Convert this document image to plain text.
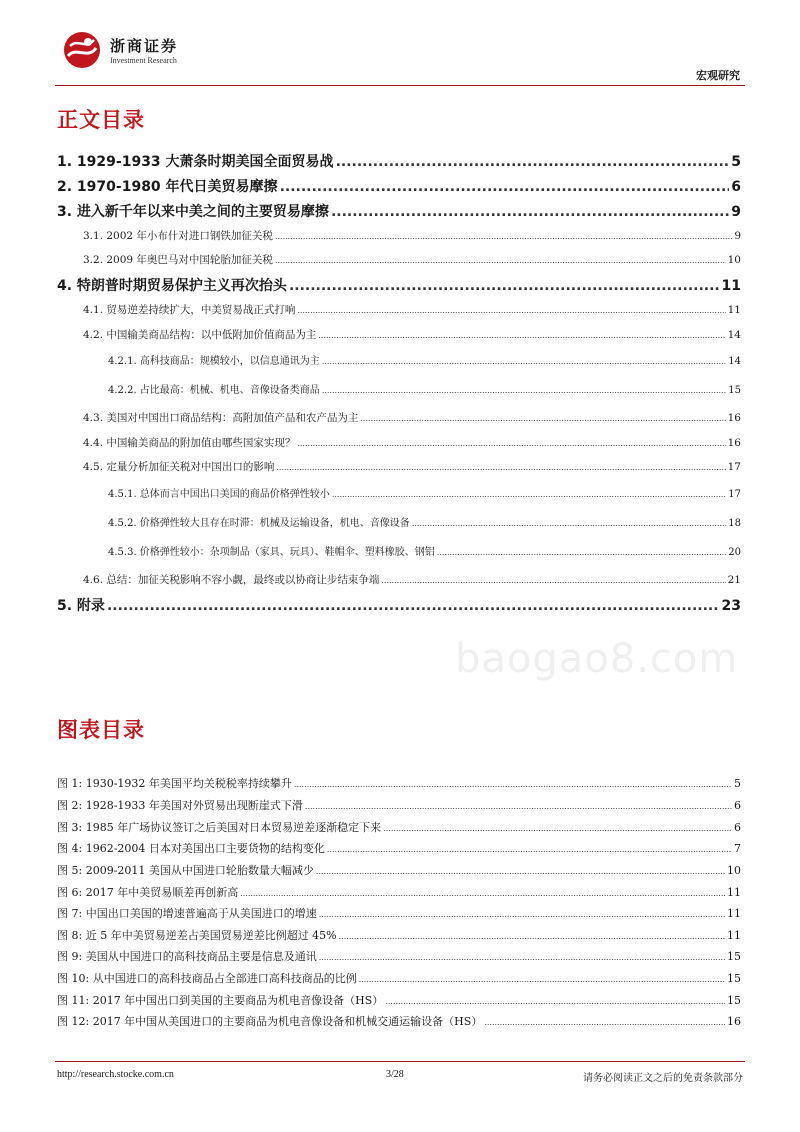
浙商证券
Investment Research
宏观研究
正文目录
1. 1929-1933 大萧条时期美国全面贸易战 .....	5
2. 1970-1980 年代日美贸易摩擦 .....	6
3. 进入新千年以来中美之间的主要贸易摩擦 .....	9
3.1. 2002 年小布什对进口钢铁加征关税 .....	9
3.2. 2009 年奥巴马对中国轮胎加征关税 .....	10
4. 特朗普时期贸易保护主义再次抬头 .....	11
4.1. 贸易逆差持续扩大，中美贸易战正式打响 .....	11
4.2. 中国输美商品结构：以中低附加价值商品为主 .....	14
4.2.1. 高科技商品：规模较小，以信息通讯为主 .....	14
4.2.2. 占比最高：机械、机电、音像设备类商品 .....	15
4.3. 美国对中国出口商品结构：高附加值产品和农产品为主 .....	16
4.4. 中国输美商品的附加值由哪些国家实现？ .....	16
4.5. 定量分析加征关税对中国出口的影响 .....	17
4.5.1. 总体而言中国出口美国的商品价格弹性较小 .....	17
4.5.2. 价格弹性较大且存在时滞：机械及运输设备，机电、音像设备 .....	18
4.5.3. 价格弹性较小：杂项制品（家具、玩具）、鞋帽伞、塑料橡胶、钢铝 .....	20
4.6. 总结：加征关税影响不容小觑，最终或以协商让步结束争端 .....	21
5. 附录 .....	23
baogao8.com
图表目录
图 1: 1930-1932 年美国平均关税税率持续攀升 .....	5
图 2: 1928-1933 年美国对外贸易出现断崖式下滑 .....	6
图 3: 1985 年广场协议签订之后美国对日本贸易逆差逐渐稳定下来 .....	6
图 4: 1962-2004 日本对美国出口主要货物的结构变化 .....	7
图 5: 2009-2011 美国从中国进口轮胎数量大幅减少 .....	10
图 6: 2017 年中美贸易顺差再创新高 .....	11
图 7: 中国出口美国的增速普遍高于从美国进口的增速 .....	11
图 8: 近 5 年中美贸易逆差占美国贸易逆差比例超过 45% .....	11
图 9: 美国从中国进口的高科技商品主要是信息及通讯 .....	15
图 10: 从中国进口的高科技商品占全部进口高科技商品的比例 .....	15
图 11: 2017 年中国出口到美国的主要商品为机电音像设备（HS） .....	15
图 12: 2017 年中国从美国进口的主要商品为机电音像设备和机械交通运输设备（HS） .....	16
http://research.stocke.com.cn	3/28	请务必阅读正文之后的免责条款部分
